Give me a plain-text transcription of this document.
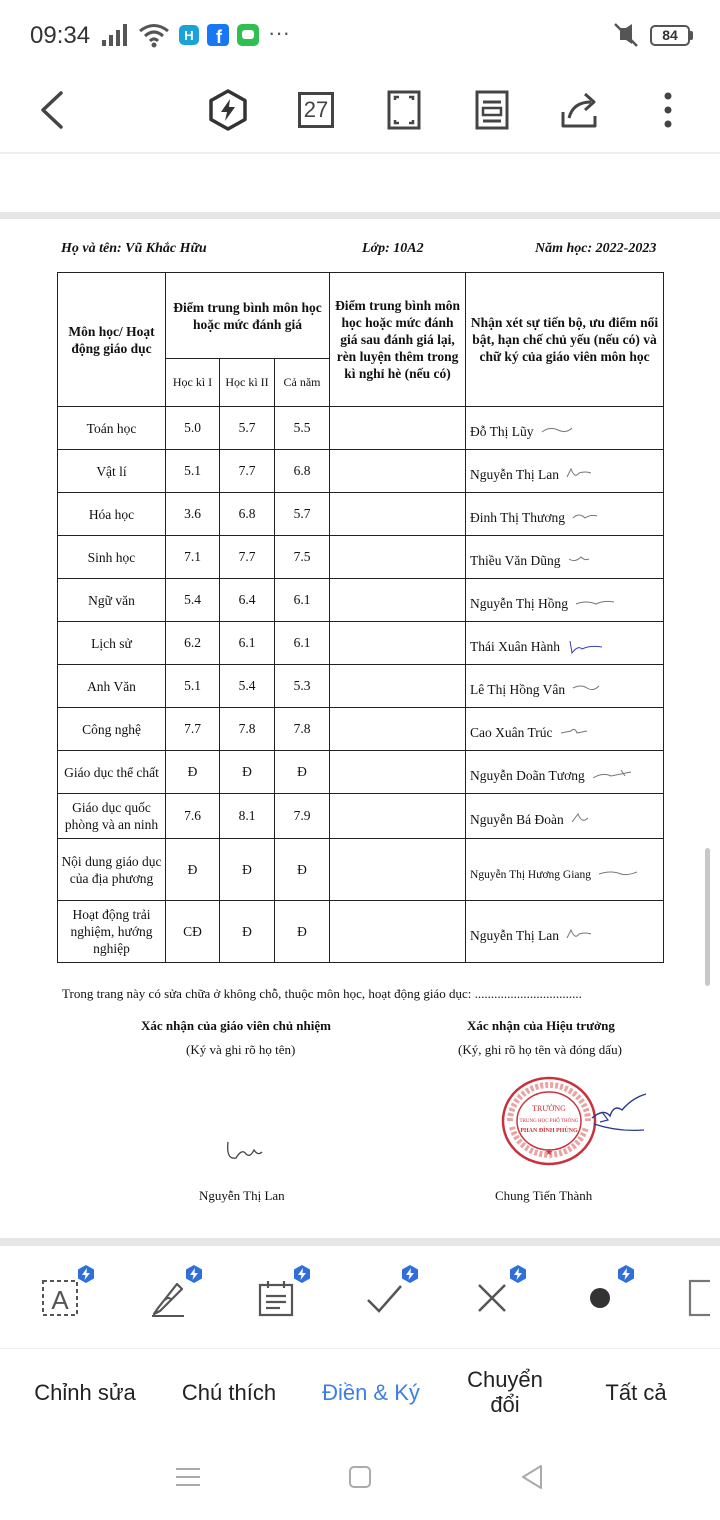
09:34	H f ···	84
27
Họ và tên: Vũ Khắc Hữu	Lớp: 10A2	Năm học: 2022-2023
Môn học/ Hoạt động giáo dục	Điểm trung bình môn học hoặc mức đánh giá			Điểm trung bình môn học hoặc mức đánh giá sau đánh giá lại, rèn luyện thêm trong kì nghỉ hè (nếu có)	Nhận xét sự tiến bộ, ưu điểm nổi bật, hạn chế chủ yếu (nếu có) và chữ ký của giáo viên môn học
	Học kì I	Học kì II	Cả năm		
Toán học	5.0	5.7	5.5		Đỗ Thị Lũy
Vật lí	5.1	7.7	6.8		Nguyễn Thị Lan
Hóa học	3.6	6.8	5.7		Đinh Thị Thương
Sinh học	7.1	7.7	7.5		Thiều Văn Dũng
Ngữ văn	5.4	6.4	6.1		Nguyễn Thị Hồng
Lịch sử	6.2	6.1	6.1		Thái Xuân Hành
Anh Văn	5.1	5.4	5.3		Lê Thị Hồng Vân
Công nghệ	7.7	7.8	7.8		Cao Xuân Trúc
Giáo dục thể chất	Đ	Đ	Đ		Nguyễn Doãn Tương
Giáo dục quốc phòng và an ninh	7.6	8.1	7.9		Nguyễn Bá Đoàn
Nội dung giáo dục của địa phương	Đ	Đ	Đ		Nguyễn Thị Hương Giang
Hoạt động trải nghiệm, hướng nghiệp	CĐ	Đ	Đ		Nguyễn Thị Lan
Trong trang này có sửa chữa ở không chỗ, thuộc môn học, hoạt động giáo dục: .................................
Xác nhận của giáo viên chủ nhiệm
(Ký và ghi rõ họ tên)
Xác nhận của Hiệu trưởng
(Ký, ghi rõ họ tên và đóng dấu)
Nguyễn Thị Lan
TRƯỜNG
TRUNG HỌC PHỔ THÔNG
PHAN ĐÌNH PHÙNG
★
Chung Tiến Thành
A
Chỉnh sửa	Chú thích	Điền & Ký	Chuyển đổi	Tất cả
